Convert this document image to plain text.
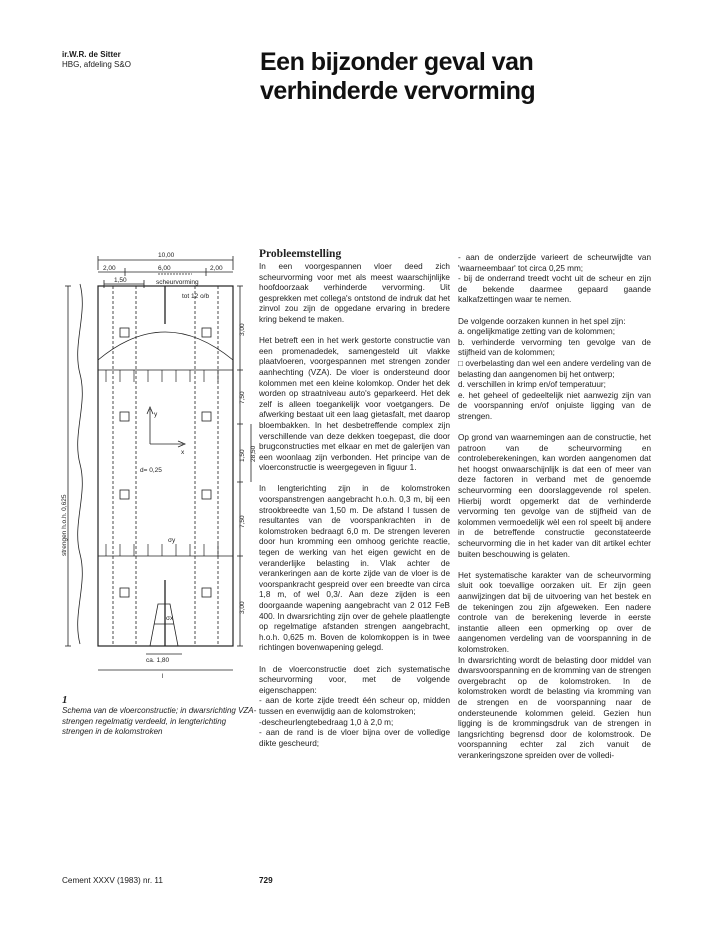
ir.W.R. de Sitter
HBG, afdeling S&O	Een bijzonder geval van
verhinderde vervorming
10,00
2,00	6,00	2,00
1,50	scheurvorming
tot 12 o/b
3,00
7,50
1,50 28,50
7,50
3,00
y
x
d= 0,25
σy
σx
ca. 1,80
l
strengen h.o.h. 0,625
1
Schema van de vloerconstructie; in dwarsrichting VZA-strengen regelmatig verdeeld, in lengterichting strengen in de kolomstroken
Probleemstelling

In een voorgespannen vloer deed zich scheurvorming voor met als meest waarschijnlijke hoofdoorzaak verhinderde vervorming. Uit gesprekken met collega's ontstond de indruk dat het zinvol zou zijn de opgedane ervaring in bredere kring bekend te maken.

Het betreft een in het werk gestorte constructie van een promenadedek, samengesteld uit vlakke plaatvloeren, voorgespannen met strengen zonder aanhechting (VZA). De vloer is ondersteund door kolommen met een kleine kolomkop. Onder het dek worden op straatniveau auto's geparkeerd. Het dek zelf is alleen toegankelijk voor voetgangers. De afwerking bestaat uit een laag gietasfalt, met daarop bloembakken. In het desbetreffende complex zijn verschillende van deze dekken toegepast, die door brugconstructies met elkaar en met de galerijen van een woonlaag zijn verbonden. Het principe van de vloerconstructie is weergegeven in figuur 1.

In lengterichting zijn in de kolomstroken voorspanstrengen aangebracht h.o.h. 0,3 m, bij een strookbreedte van 1,50 m. De afstand l tussen de resultantes van de voorspankrachten in de kolomstroken bedraagt 6,0 m. De strengen leveren door hun kromming een omhoog gerichte reactie, tegen de werking van het eigen gewicht en de veranderlijke belasting in. Vlak achter de verankeringen aan de korte zijde van de vloer is de voorspankracht gespreid over een breedte van circa 1,8 m, of wel 0,3/. Aan deze zijden is een doorgaande wapening aangebracht van 2 012 FeB 400. In dwarsrichting zijn over de gehele plaatlengte op regelmatige afstanden strengen aangebracht, h.o.h. 0,625 m. Boven de kolomkoppen is in twee richtingen bovenwapening gelegd.

In de vloerconstructie doet zich systematische scheurvorming voor, met de volgende eigenschappen:

- aan de korte zijde treedt één scheur op, midden tussen en evenwijdig aan de kolomstroken;

-descheurlengtebedraag 1,0 à 2,0 m;

- aan de rand is de vloer bijna over de volledige dikte gescheurd;

- aan de onderzijde varieert de scheurwijdte van 'waarneembaar' tot circa 0,25 mm;

- bij de onderrand treedt vocht uit de scheur en zijn de bekende daarmee gepaard gaande kalkafzettingen waar te nemen.

De volgende oorzaken kunnen in het spel zijn:

a. ongelijkmatige zetting van de kolommen;

b. verhinderde vervorming ten gevolge van de stijfheid van de kolommen;

□ overbelasting dan wel een andere verdeling van de belasting dan aangenomen bij het ontwerp;

d. verschillen in krimp en/of temperatuur;

e. het geheel of gedeeltelijk niet aanwezig zijn van de voorspanning en/of onjuiste ligging van de strengen.

Op grond van waarnemingen aan de constructie, het patroon van de scheurvorming en controleberekeningen, kan worden aangenomen dat het hoogst onwaarschijnlijk is dat een of meer van deze factoren in verband met de genoemde scheurvorming een doorslaggevende rol spelen. Hierbij wordt opgemerkt dat de verhinderde vervorming ten gevolge van de stijfheid van de kolommen vermoedelijk wèl een rol speelt bij andere in de betreffende constructie geconstateerde scheurvorming die in het kader van dit artikel echter buiten beschouwing is gelaten.

Het systematische karakter van de scheurvorming sluit ook toevallige oorzaken uit. Er zijn geen aanwijzingen dat bij de uitvoering van het bestek en de tekeningen zou zijn afgeweken. Een nadere controle van de berekening leverde in eerste instantie alleen een opmerking op over de aangenomen verdeling van de voorspanning in de kolomstroken.

In dwarsrichting wordt de belasting door middel van dwarsvoorspanning en de kromming van de strengen overgebracht op de kolomstroken. In de kolomstroken wordt de belasting via kromming van de strengen en de voorspanning naar de ondersteunende kolommen geleid. Gezien hun ligging is de krommingsdruk van de strengen in langsrichting begrensd door de kolomstrook. De voorspanning echter zal zich vanuit de verankeringszone spreiden over de volledi-

Cement XXXV (1983) nr. 11	729
